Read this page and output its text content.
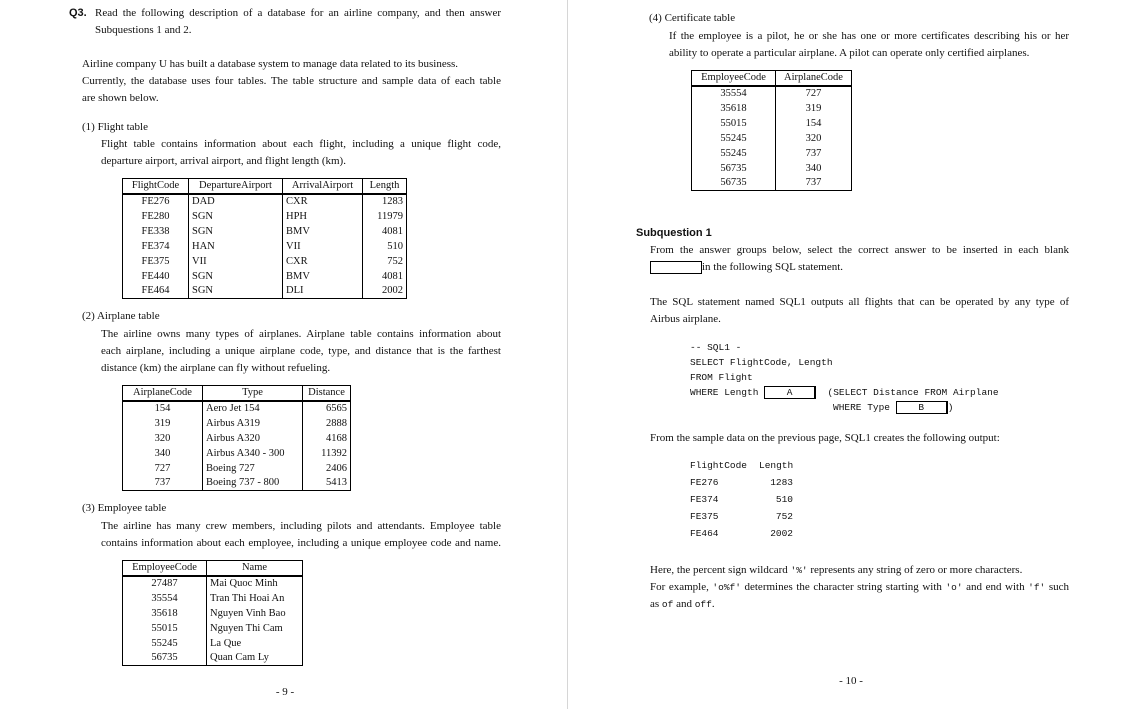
Q3. Read the following description of a database for an airline company, and then answer
Subquestions 1 and 2.
Airline company U has built a database system to manage data related to its business.
Currently, the database uses four tables. The table structure and sample data of each table
are shown below.
(1) Flight table
Flight table contains information about each flight, including a unique flight code,
departure airport, arrival airport, and flight length (km).
FlightCode	DepartureAirport	ArrivalAirport	Length
FE276	DAD	CXR	1283
FE280	SGN	HPH	11979
FE338	SGN	BMV	4081
FE374	HAN	VII	510
FE375	VII	CXR	752
FE440	SGN	BMV	4081
FE464	SGN	DLI	2002
(2) Airplane table
The airline owns many types of airplanes. Airplane table contains information about
each airplane, including a unique airplane code, type, and distance that is the farthest
distance (km) the airplane can fly without refueling.
AirplaneCode	Type	Distance
154	Aero Jet 154	6565
319	Airbus A319	2888
320	Airbus A320	4168
340	Airbus A340 - 300	11392
727	Boeing 727	2406
737	Boeing 737 - 800	5413
(3) Employee table
The airline has many crew members, including pilots and attendants. Employee table
contains information about each employee, including a unique employee code and name.
EmployeeCode	Name
27487	Mai Quoc Minh
35554	Tran Thi Hoai An
35618	Nguyen Vinh Bao
55015	Nguyen Thi Cam
55245	La Que
56735	Quan Cam Ly
- 9 -
(4) Certificate table
If the employee is a pilot, he or she has one or more certificates describing his or her
ability to operate a particular airplane. A pilot can operate only certified airplanes.
EmployeeCode	AirplaneCode
35554	727
35618	319
55015	154
55245	320
55245	737
56735	340
56735	737
Subquestion 1
From the answer groups below, select the correct answer to be inserted in each blank
in the following SQL statement.
The SQL statement named SQL1 outputs all flights that can be operated by any type of
Airbus airplane.
-- SQL1 -
SELECT FlightCode, Length
FROM Flight
WHERE Length	A	(SELECT Distance FROM Airplane
WHERE Type	B )
From the sample data on the previous page, SQL1 creates the following output:
FlightCode	Length
FE276	1283
FE374	510
FE375	752
FE464	2002
Here, the percent sign wildcard '%' represents any string of zero or more characters.
For example, 'o%f' determines the character string starting with 'o' and end with 'f' such
as of and off.
- 10 -
